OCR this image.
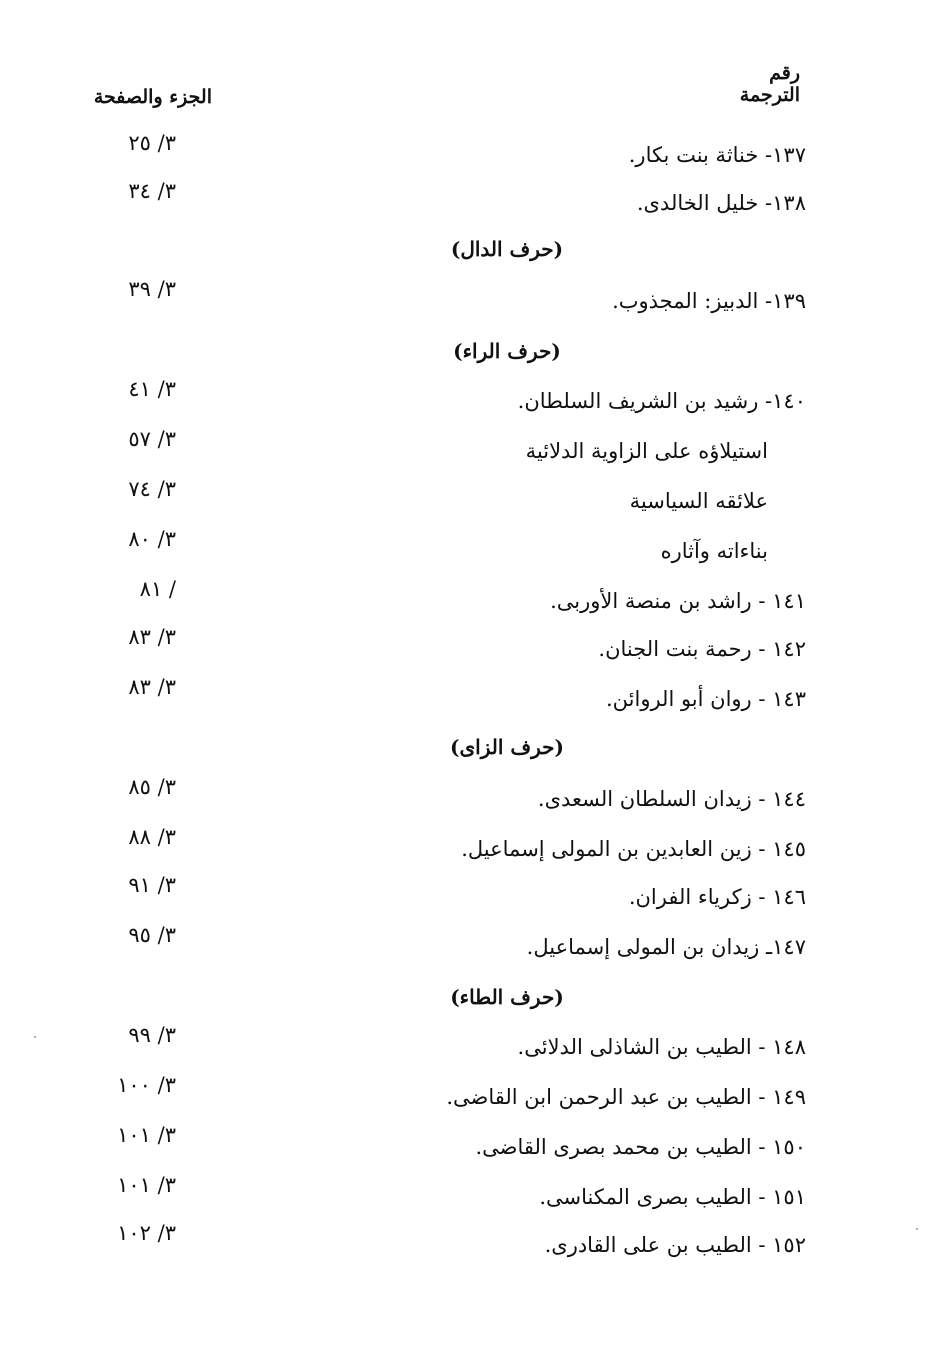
رقم
الترجمة
الجزء والصفحة
١٣٧- خناثة بنت بكار.
٣/ ٢٥
١٣٨- خليل الخالدى.
٣/ ٣٤
(حرف الدال)
١٣٩- الدبيز: المجذوب.
٣/ ٣٩
(حرف الراء)
١٤٠- رشيد بن الشريف السلطان.
٣/ ٤١
استيلاؤه على الزاوية الدلائية
٣/ ٥٧
علائقه السياسية
٣/ ٧٤
بناءاته وآثاره
٣/ ٨٠
١٤١ - راشد بن منصة الأوربى.
/ ٨١
١٤٢ - رحمة بنت الجنان.
٣/ ٨٣
١٤٣ - روان أبو الروائن.
٣/ ٨٣
(حرف الزاى)
١٤٤ - زيدان السلطان السعدى.
٣/ ٨٥
١٤٥ - زين العابدين بن المولى إسماعيل.
٣/ ٨٨
١٤٦ - زكرياء الفران.
٣/ ٩١
١٤٧ـ زيدان بن المولى إسماعيل.
٣/ ٩٥
(حرف الطاء)
١٤٨ - الطيب بن الشاذلى الدلائى.
٣/ ٩٩
١٤٩ - الطيب بن عبد الرحمن ابن القاضى.
٣/ ١٠٠
١٥٠ - الطيب بن محمد بصرى القاضى.
٣/ ١٠١
١٥١ - الطيب بصرى المكناسى.
٣/ ١٠١
١٥٢ - الطيب بن على القادرى.
٣/ ١٠٢
